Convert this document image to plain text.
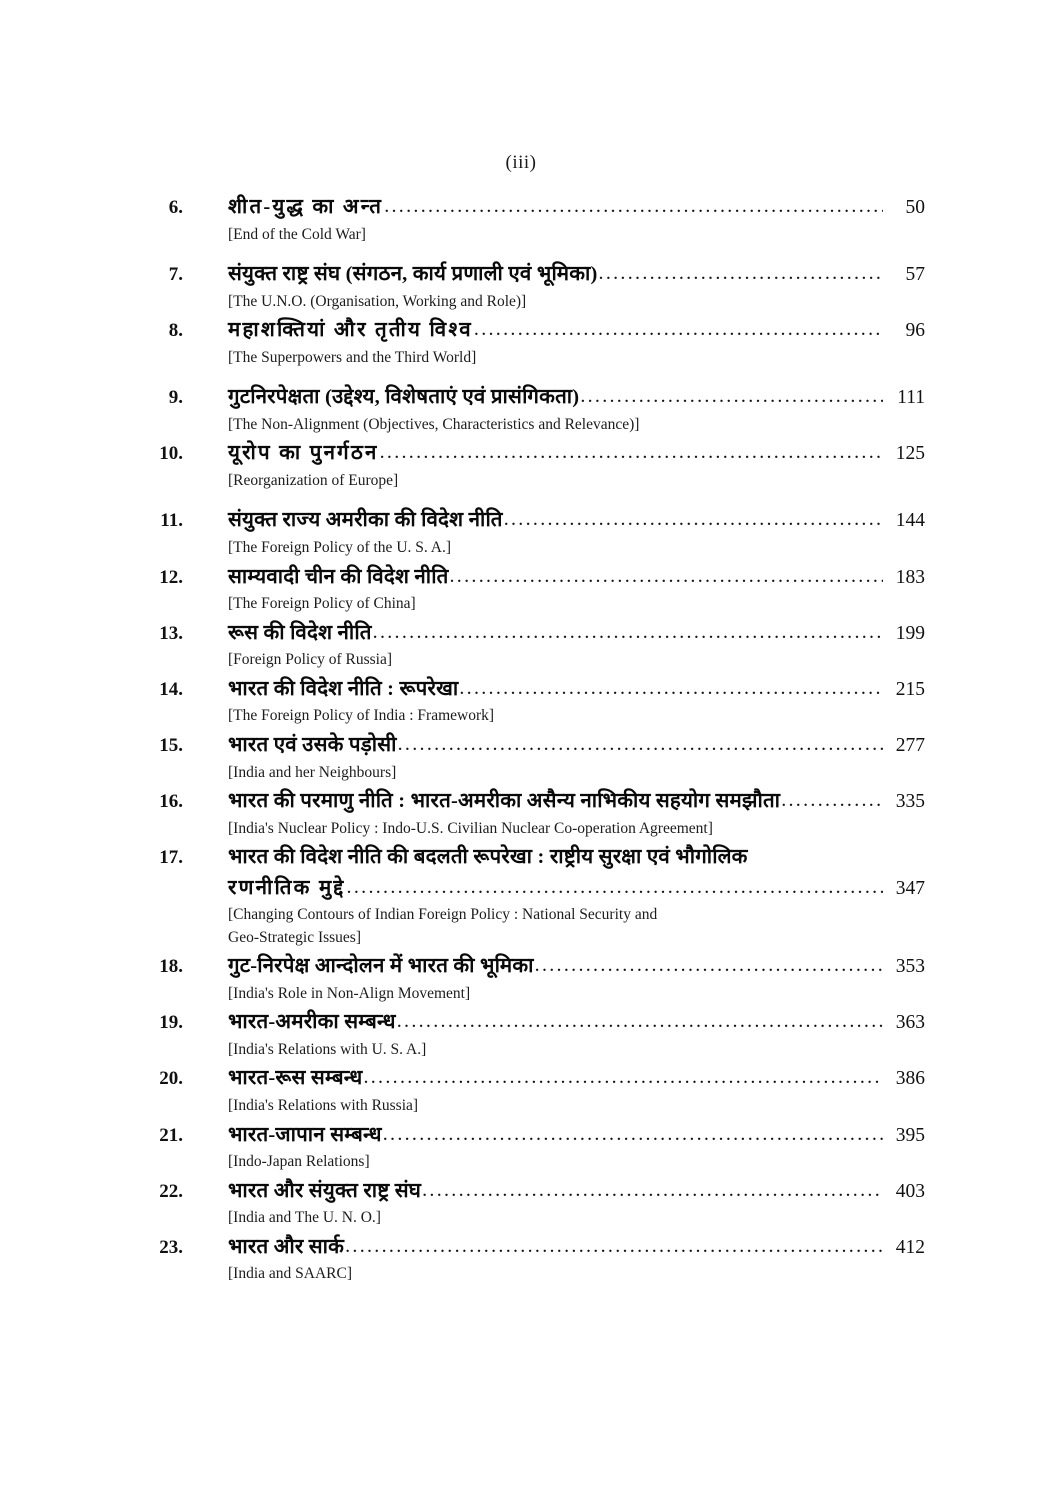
(iii)
6. शीत-युद्ध का अन्त .....	50
[End of the Cold War]
7. संयुक्त राष्ट्र संघ (संगठन, कार्य प्रणाली एवं भूमिका) .....	57
[The U.N.O. (Organisation, Working and Role)]
8. महाशक्तियां और तृतीय विश्व .....	96
[The Superpowers and the Third World]
9. गुटनिरपेक्षता (उद्देश्य, विशेषताएं एवं प्रासंगिकता) .....	111
[The Non-Alignment (Objectives, Characteristics and Relevance)]
10. यूरोप का पुनर्गठन .....	125
[Reorganization of Europe]
11. संयुक्त राज्य अमरीका की विदेश नीति .....	144
[The Foreign Policy of the U. S. A.]
12. साम्यवादी चीन की विदेश नीति .....	183
[The Foreign Policy of China]
13. रूस की विदेश नीति .....	199
[Foreign Policy of Russia]
14. भारत की विदेश नीति : रूपरेखा .....	215
[The Foreign Policy of India : Framework]
15. भारत एवं उसके पड़ोसी .....	277
[India and her Neighbours]
16. भारत की परमाणु नीति : भारत-अमरीका असैन्य नाभिकीय सहयोग समझौता .....	335
[India's Nuclear Policy : Indo-U.S. Civilian Nuclear Co-operation Agreement]
17. भारत की विदेश नीति की बदलती रूपरेखा : राष्ट्रीय सुरक्षा एवं भौगोलिक
रणनीतिक मुद्दे .....	347
[Changing Contours of Indian Foreign Policy : National Security and
Geo-Strategic Issues]
18. गुट-निरपेक्ष आन्दोलन में भारत की भूमिका .....	353
[India's Role in Non-Align Movement]
19. भारत-अमरीका सम्बन्ध .....	363
[India's Relations with U. S. A.]
20. भारत-रूस सम्बन्ध .....	386
[India's Relations with Russia]
21. भारत-जापान सम्बन्ध .....	395
[Indo-Japan Relations]
22. भारत और संयुक्त राष्ट्र संघ .....	403
[India and The U. N. O.]
23. भारत और सार्क .....	412
[India and SAARC]
